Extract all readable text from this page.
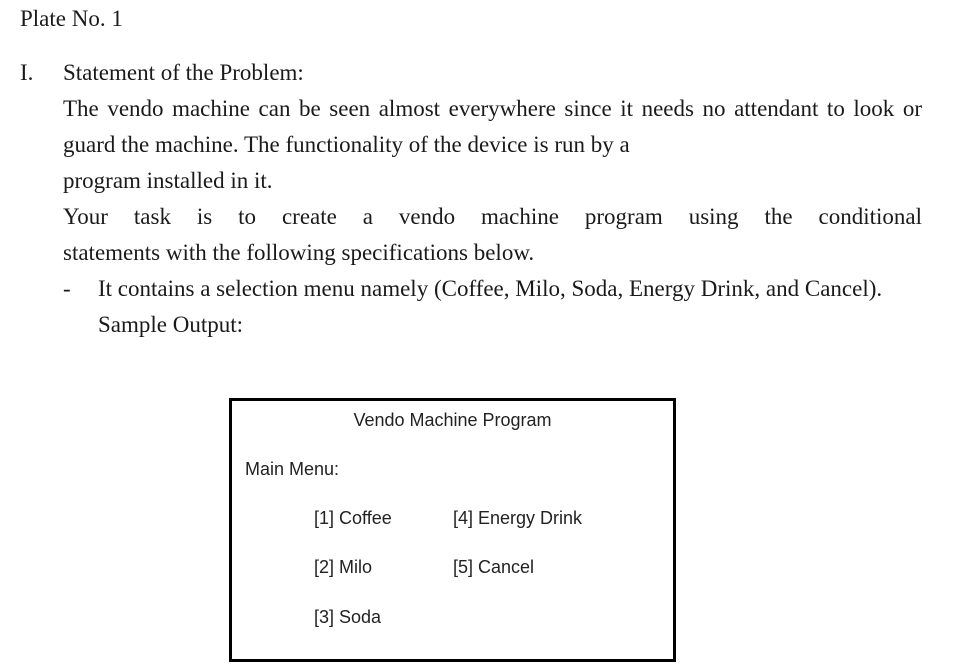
Plate No. 1
I.	Statement of the Problem:

The vendo machine can be seen almost everywhere since it needs no attendant to look or guard the machine. The functionality of the device is run by a

program installed in it.

Your task is to create a vendo machine program using the conditional

statements with the following specifications below.

-	It contains a selection menu namely (Coffee, Milo, Soda, Energy Drink, and Cancel).
Sample Output:
Vendo Machine Program
Main Menu:
[1] Coffee
[2] Milo
[3] Soda
[4] Energy Drink
[5] Cancel
